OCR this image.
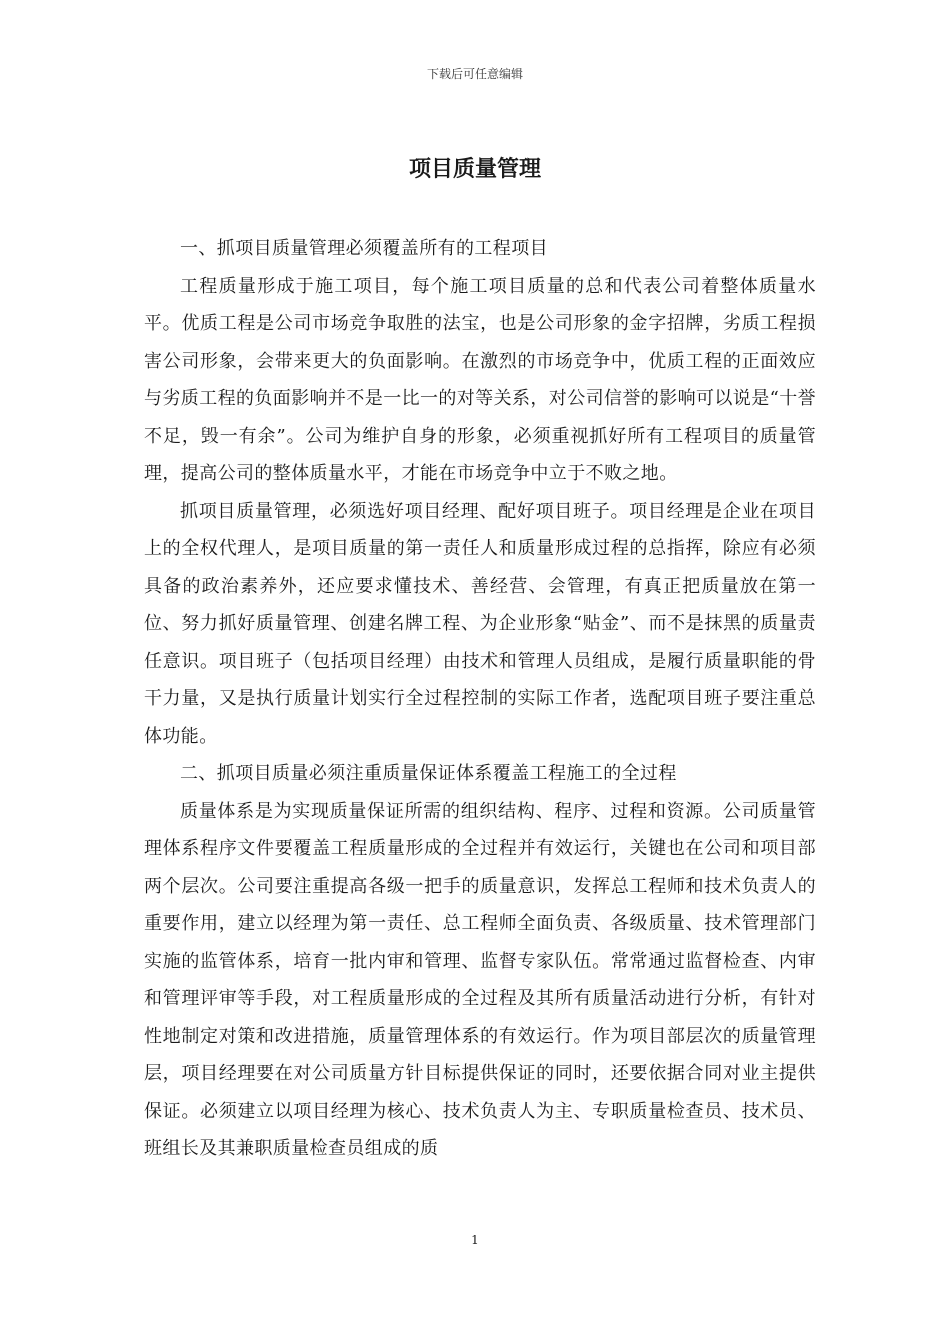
下载后可任意编辑
项目质量管理

一、抓项目质量管理必须覆盖所有的工程项目

工程质量形成于施工项目，每个施工项目质量的总和代表公司着整体质量水平。优质工程是公司市场竞争取胜的法宝，也是公司形象的金字招牌，劣质工程损害公司形象，会带来更大的负面影响。在激烈的市场竞争中，优质工程的正面效应与劣质工程的负面影响并不是一比一的对等关系，对公司信誉的影响可以说是“十誉不足，毁一有余”。公司为维护自身的形象，必须重视抓好所有工程项目的质量管理，提高公司的整体质量水平，才能在市场竞争中立于不败之地。

抓项目质量管理，必须选好项目经理、配好项目班子。项目经理是企业在项目上的全权代理人，是项目质量的第一责任人和质量形成过程的总指挥，除应有必须具备的政治素养外，还应要求懂技术、善经营、会管理，有真正把质量放在第一位、努力抓好质量管理、创建名牌工程、为企业形象“贴金”、而不是抹黑的质量责任意识。项目班子（包括项目经理）由技术和管理人员组成，是履行质量职能的骨干力量，又是执行质量计划实行全过程控制的实际工作者，选配项目班子要注重总体功能。

二、抓项目质量必须注重质量保证体系覆盖工程施工的全过程

质量体系是为实现质量保证所需的组织结构、程序、过程和资源。公司质量管理体系程序文件要覆盖工程质量形成的全过程并有效运行，关键也在公司和项目部两个层次。公司要注重提高各级一把手的质量意识，发挥总工程师和技术负责人的重要作用，建立以经理为第一责任、总工程师全面负责、各级质量、技术管理部门实施的监管体系，培育一批内审和管理、监督专家队伍。常常通过监督检查、内审和管理评审等手段，对工程质量形成的全过程及其所有质量活动进行分析，有针对性地制定对策和改进措施，质量管理体系的有效运行。作为项目部层次的质量管理层，项目经理要在对公司质量方针目标提供保证的同时，还要依据合同对业主提供保证。必须建立以项目经理为核心、技术负责人为主、专职质量检查员、技术员、班组长及其兼职质量检查员组成的质

1
